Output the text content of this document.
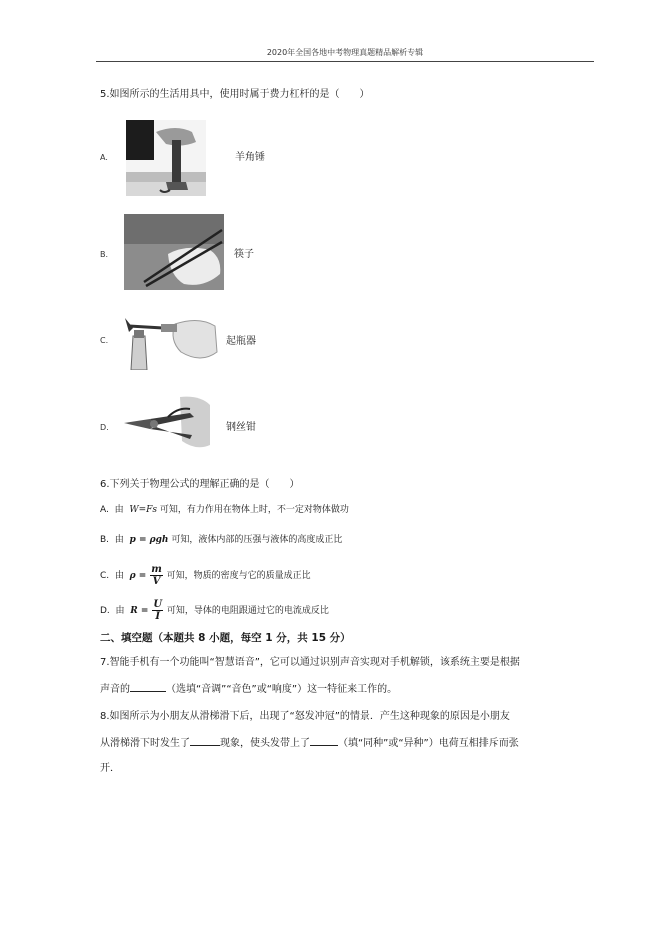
2020年全国各地中考物理真题精品解析专辑
5.如图所示的生活用具中，使用时属于费力杠杆的是（　　）
A.	羊角锤
B.	筷子
C.	起瓶器
D.	钢丝钳
6.下列关于物理公式的理解正确的是（　　）
A. 由 W=Fs 可知，有力作用在物体上时，不一定对物体做功
B. 由 p = ρgh 可知，液体内部的压强与液体的高度成正比
C. 由 $\rho = \frac{m}{V}$ 可知，物质的密度与它的质量成正比
D. 由 $R = \frac{U}{I}$ 可知，导体的电阻跟通过它的电流成反比
二、填空题（本题共 8 小题，每空 1 分，共 15 分）
7.智能手机有一个功能叫“智慧语音”，它可以通过识别声音实现对手机解锁，该系统主要是根据
声音的	（选填“音调”“音色”或“响度”）这一特征来工作的。
8.如图所示为小朋友从滑梯滑下后，出现了“怒发冲冠”的情景．产生这种现象的原因是小朋友
从滑梯滑下时发生了	现象，使头发带上了	（填“同种”或“异种”）电荷互相排斥而张
开．
